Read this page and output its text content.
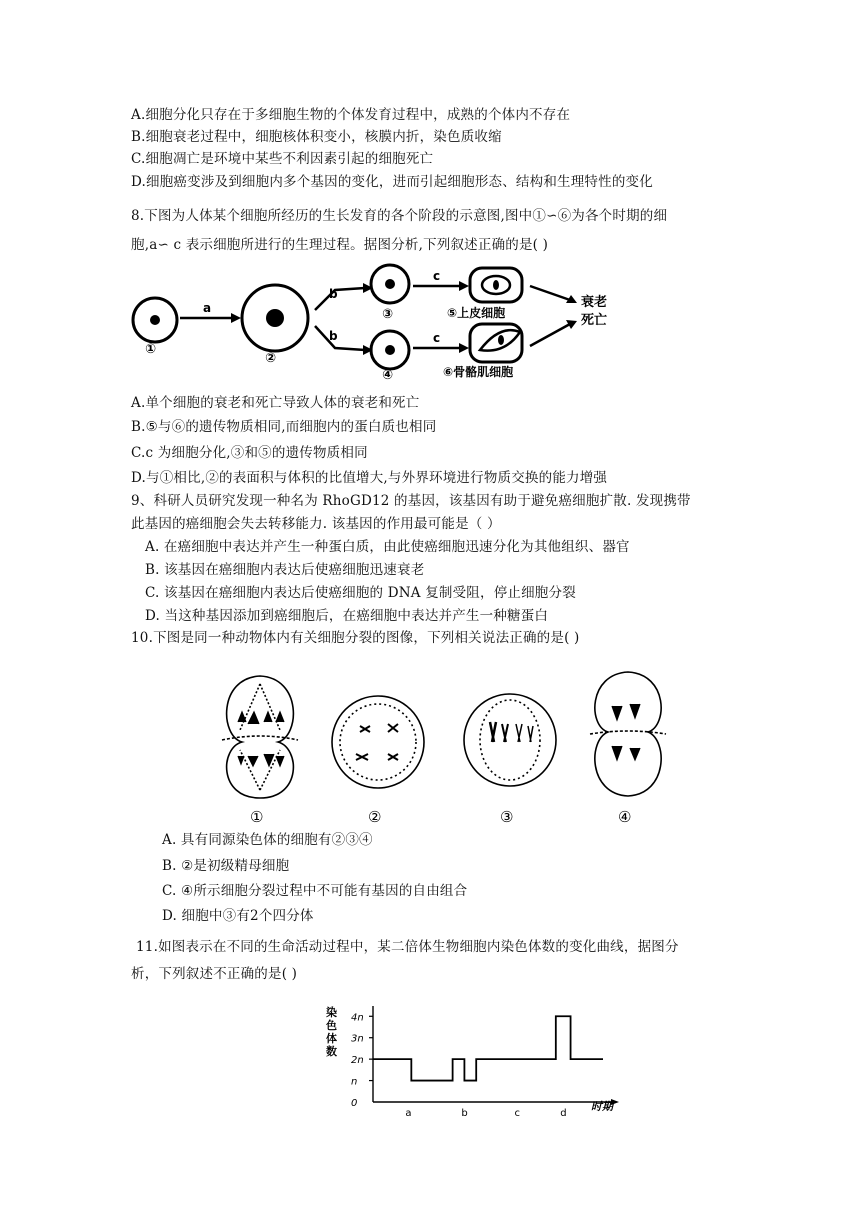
A.细胞分化只存在于多细胞生物的个体发育过程中，成熟的个体内不存在
B.细胞衰老过程中，细胞核体积变小，核膜内折，染色质收缩
C.细胞凋亡是环境中某些不利因素引起的细胞死亡
D.细胞癌变涉及到细胞内多个基因的变化，进而引起细胞形态、结构和生理特性的变化
8.下图为人体某个细胞所经历的生长发育的各个阶段的示意图,图中①∽⑥为各个时期的细
胞,a∽ c 表示细胞所进行的生理过程。据图分析,下列叙述正确的是( )
a
b
b
c
c
①
②
③
④
⑤上皮细胞
⑥骨骼肌细胞
衰老
死亡
A.单个细胞的衰老和死亡导致人体的衰老和死亡
B.⑤与⑥的遗传物质相同,而细胞内的蛋白质也相同
C.c 为细胞分化,③和⑤的遗传物质相同
D.与①相比,②的表面积与体积的比值增大,与外界环境进行物质交换的能力增强
9、科研人员研究发现一种名为 RhoGD12 的基因，该基因有助于避免癌细胞扩散. 发现携带
此基因的癌细胞会失去转移能力. 该基因的作用最可能是（ ）
A. 在癌细胞中表达并产生一种蛋白质，由此使癌细胞迅速分化为其他组织、器官
B. 该基因在癌细胞内表达后使癌细胞迅速衰老
C. 该基因在癌细胞内表达后使癌细胞的 DNA 复制受阻，停止细胞分裂
D. 当这种基因添加到癌细胞后，在癌细胞中表达并产生一种糖蛋白
10.下图是同一种动物体内有关细胞分裂的图像，下列相关说法正确的是( )
①	②	③	④
A. 具有同源染色体的细胞有②③④
B. ②是初级精母细胞
C. ④所示细胞分裂过程中不可能有基因的自由组合
D. 细胞中③有2个四分体
11.如图表示在不同的生命活动过程中，某二倍体生物细胞内染色体数的变化曲线，据图分
析，下列叙述不正确的是( )
染
色
体
数
4n
3n
2n
n
0
a	b	c	d
时期
